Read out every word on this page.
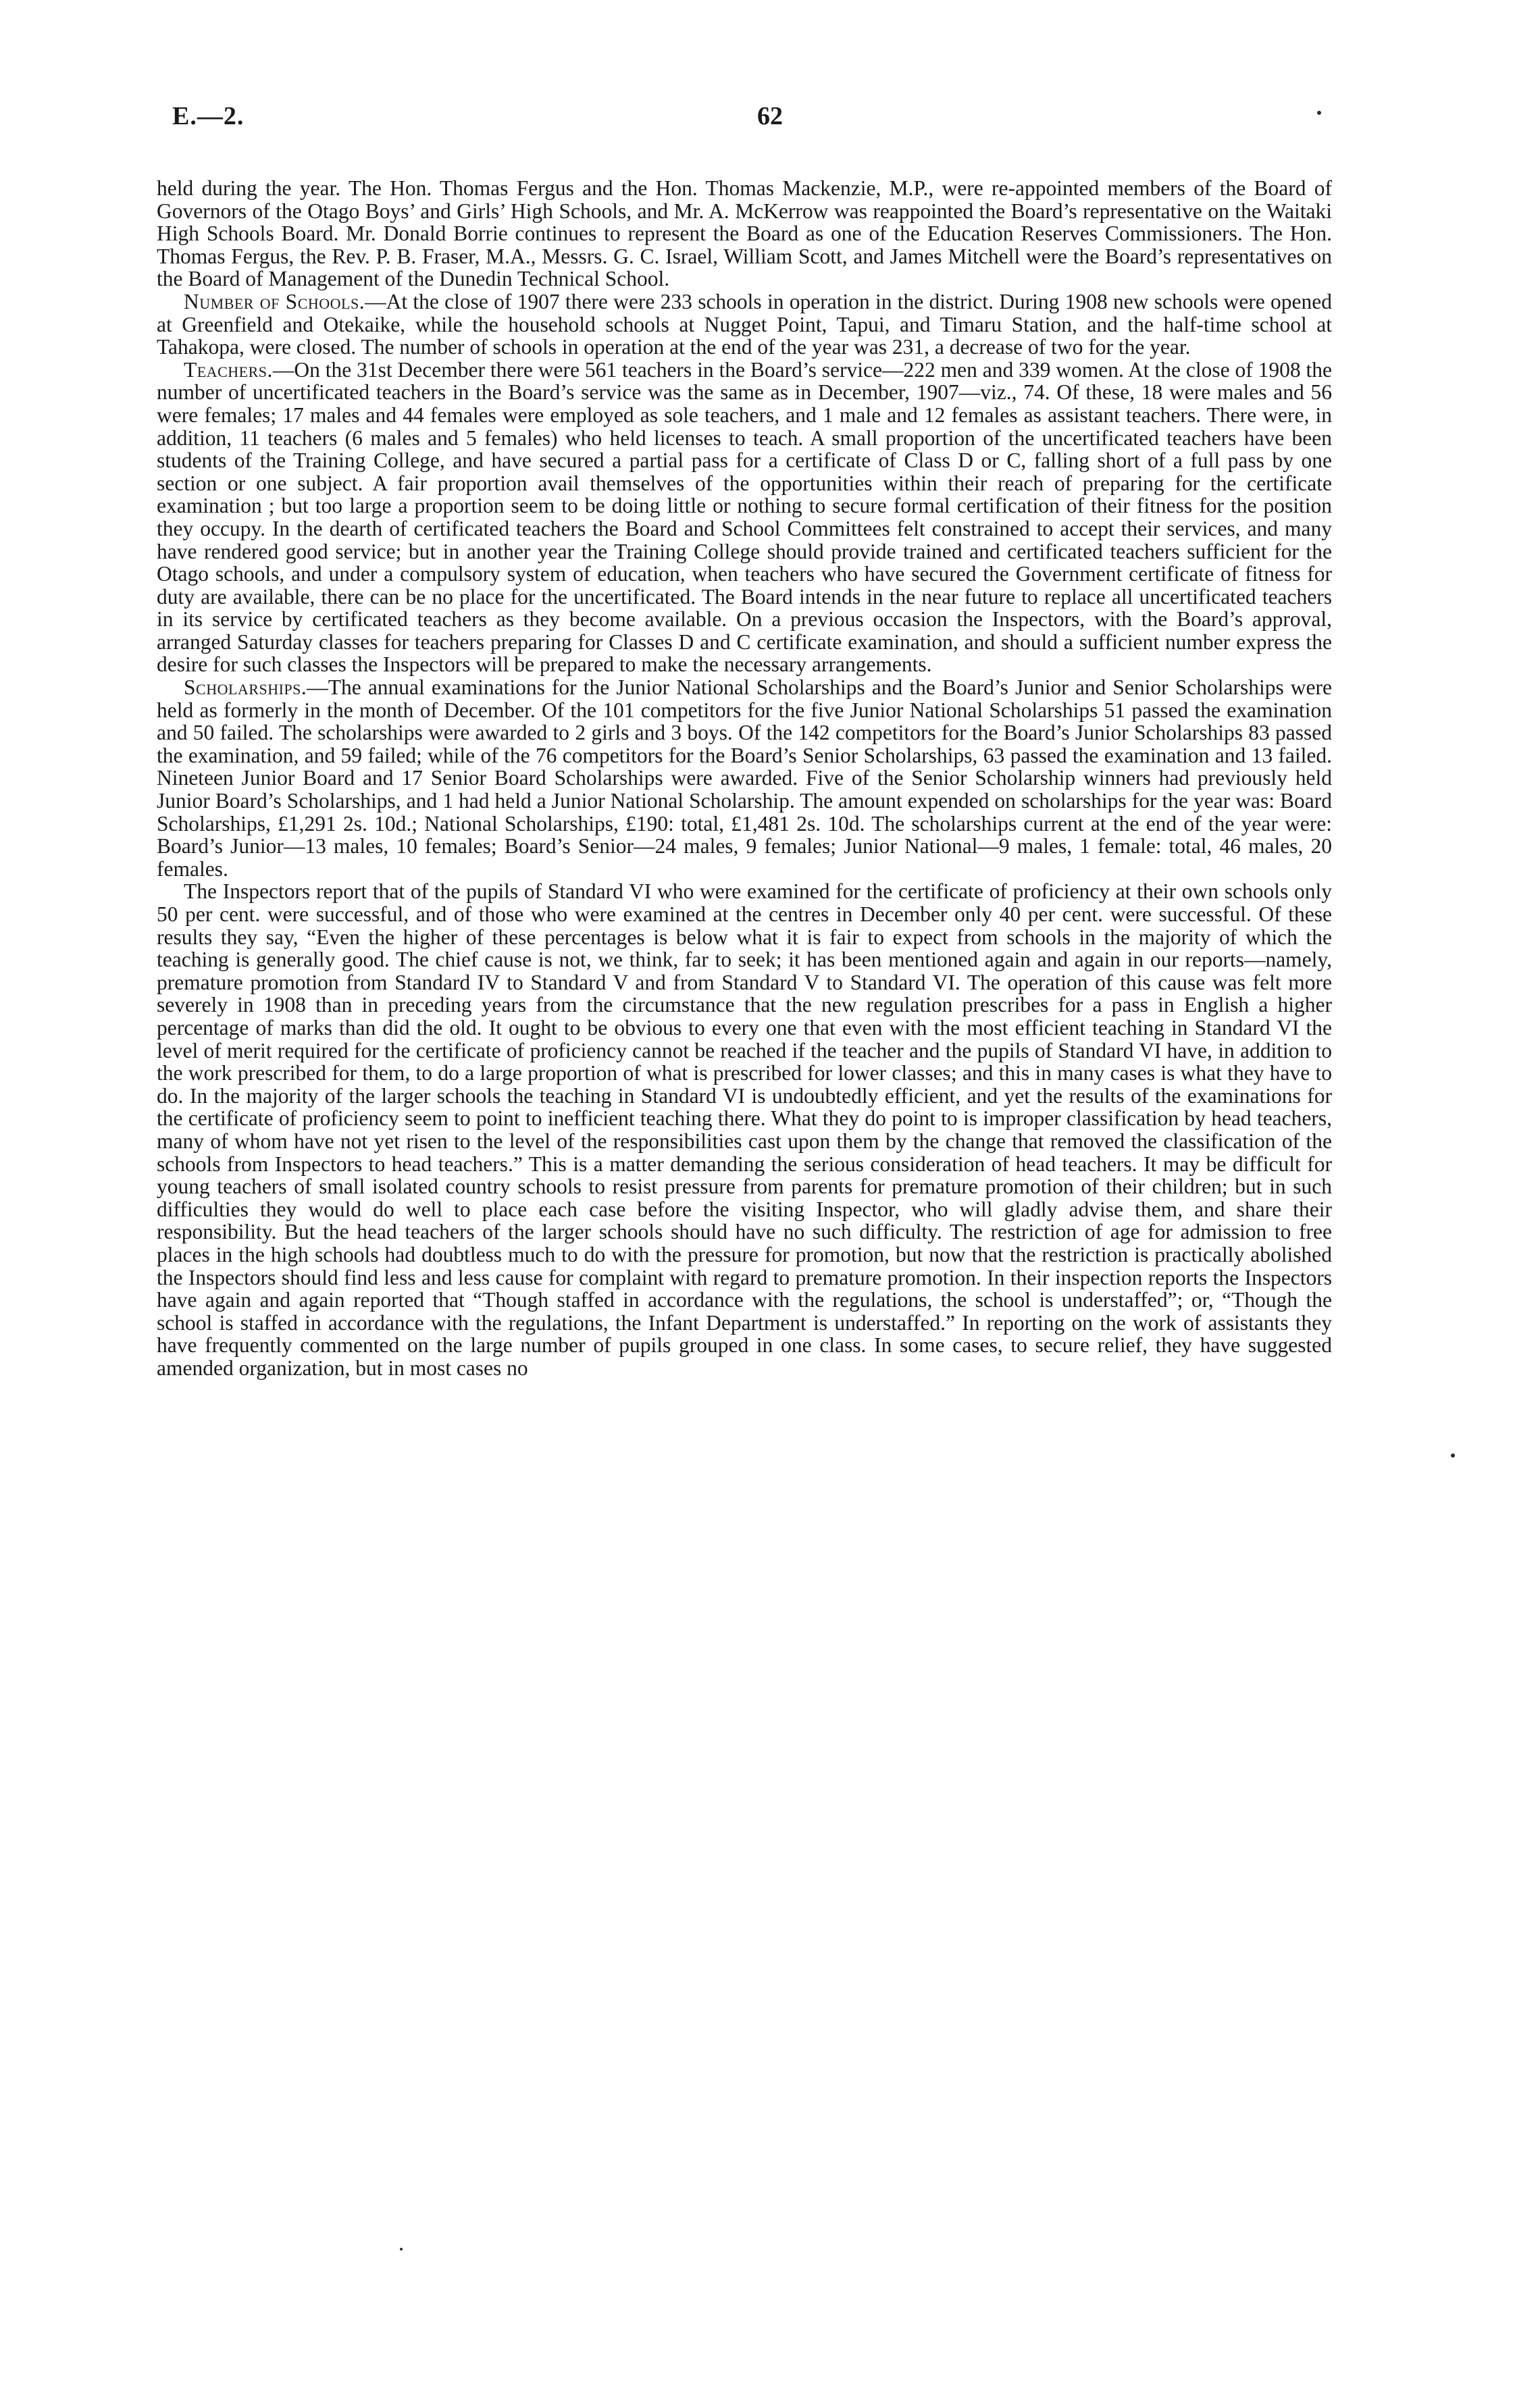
E.—2.	62

held during the year. The Hon. Thomas Fergus and the Hon. Thomas Mackenzie, M.P., were re-appointed members of the Board of Governors of the Otago Boys’ and Girls’ High Schools, and Mr. A. McKerrow was reappointed the Board’s representative on the Waitaki High Schools Board. Mr. Donald Borrie continues to represent the Board as one of the Education Reserves Commissioners. The Hon. Thomas Fergus, the Rev. P. B. Fraser, M.A., Messrs. G. C. Israel, William Scott, and James Mitchell were the Board’s representatives on the Board of Management of the Dunedin Technical School.

Number of Schools.—At the close of 1907 there were 233 schools in operation in the district. During 1908 new schools were opened at Greenfield and Otekaike, while the household schools at Nugget Point, Tapui, and Timaru Station, and the half-time school at Tahakopa, were closed. The number of schools in operation at the end of the year was 231, a decrease of two for the year.

Teachers.—On the 31st December there were 561 teachers in the Board’s service—222 men and 339 women. At the close of 1908 the number of uncertificated teachers in the Board’s service was the same as in December, 1907—viz., 74. Of these, 18 were males and 56 were females; 17 males and 44 females were employed as sole teachers, and 1 male and 12 females as assistant teachers. There were, in addition, 11 teachers (6 males and 5 females) who held licenses to teach. A small proportion of the uncertificated teachers have been students of the Training College, and have secured a partial pass for a certificate of Class D or C, falling short of a full pass by one section or one subject. A fair proportion avail themselves of the opportunities within their reach of preparing for the certificate examination ; but too large a proportion seem to be doing little or nothing to secure formal certification of their fitness for the position they occupy. In the dearth of certificated teachers the Board and School Committees felt constrained to accept their services, and many have rendered good service; but in another year the Training College should provide trained and certificated teachers sufficient for the Otago schools, and under a compulsory system of education, when teachers who have secured the Government certificate of fitness for duty are available, there can be no place for the uncertificated. The Board intends in the near future to replace all uncertificated teachers in its service by certificated teachers as they become available. On a previous occasion the Inspectors, with the Board’s approval, arranged Saturday classes for teachers preparing for Classes D and C certificate examination, and should a sufficient number express the desire for such classes the Inspectors will be prepared to make the necessary arrangements.

Scholarships.—The annual examinations for the Junior National Scholarships and the Board’s Junior and Senior Scholarships were held as formerly in the month of December. Of the 101 competitors for the five Junior National Scholarships 51 passed the examination and 50 failed. The scholarships were awarded to 2 girls and 3 boys. Of the 142 competitors for the Board’s Junior Scholarships 83 passed the examination, and 59 failed; while of the 76 competitors for the Board’s Senior Scholarships, 63 passed the examination and 13 failed. Nineteen Junior Board and 17 Senior Board Scholarships were awarded. Five of the Senior Scholarship winners had previously held Junior Board’s Scholarships, and 1 had held a Junior National Scholarship. The amount expended on scholarships for the year was: Board Scholarships, £1,291 2s. 10d.; National Scholarships, £190: total, £1,481 2s. 10d. The scholarships current at the end of the year were: Board’s Junior—13 males, 10 females; Board’s Senior—24 males, 9 females; Junior National—9 males, 1 female: total, 46 males, 20 females.

The Inspectors report that of the pupils of Standard VI who were examined for the certificate of proficiency at their own schools only 50 per cent. were successful, and of those who were examined at the centres in December only 40 per cent. were successful. Of these results they say, “Even the higher of these percentages is below what it is fair to expect from schools in the majority of which the teaching is generally good. The chief cause is not, we think, far to seek; it has been mentioned again and again in our reports—namely, premature promotion from Standard IV to Standard V and from Standard V to Standard VI. The operation of this cause was felt more severely in 1908 than in preceding years from the circumstance that the new regulation prescribes for a pass in English a higher percentage of marks than did the old. It ought to be obvious to every one that even with the most efficient teaching in Standard VI the level of merit required for the certificate of proficiency cannot be reached if the teacher and the pupils of Standard VI have, in addition to the work prescribed for them, to do a large proportion of what is prescribed for lower classes; and this in many cases is what they have to do. In the majority of the larger schools the teaching in Standard VI is undoubtedly efficient, and yet the results of the examinations for the certificate of proficiency seem to point to inefficient teaching there. What they do point to is improper classification by head teachers, many of whom have not yet risen to the level of the responsibilities cast upon them by the change that removed the classification of the schools from Inspectors to head teachers.” This is a matter demanding the serious consideration of head teachers. It may be difficult for young teachers of small isolated country schools to resist pressure from parents for premature promotion of their children; but in such difficulties they would do well to place each case before the visiting Inspector, who will gladly advise them, and share their responsibility. But the head teachers of the larger schools should have no such difficulty. The restriction of age for admission to free places in the high schools had doubtless much to do with the pressure for promotion, but now that the restriction is practically abolished the Inspectors should find less and less cause for complaint with regard to premature promotion. In their inspection reports the Inspectors have again and again reported that “Though staffed in accordance with the regulations, the school is understaffed”; or, “Though the school is staffed in accordance with the regulations, the Infant Department is understaffed.” In reporting on the work of assistants they have frequently commented on the large number of pupils grouped in one class. In some cases, to secure relief, they have suggested amended organization, but in most cases no
